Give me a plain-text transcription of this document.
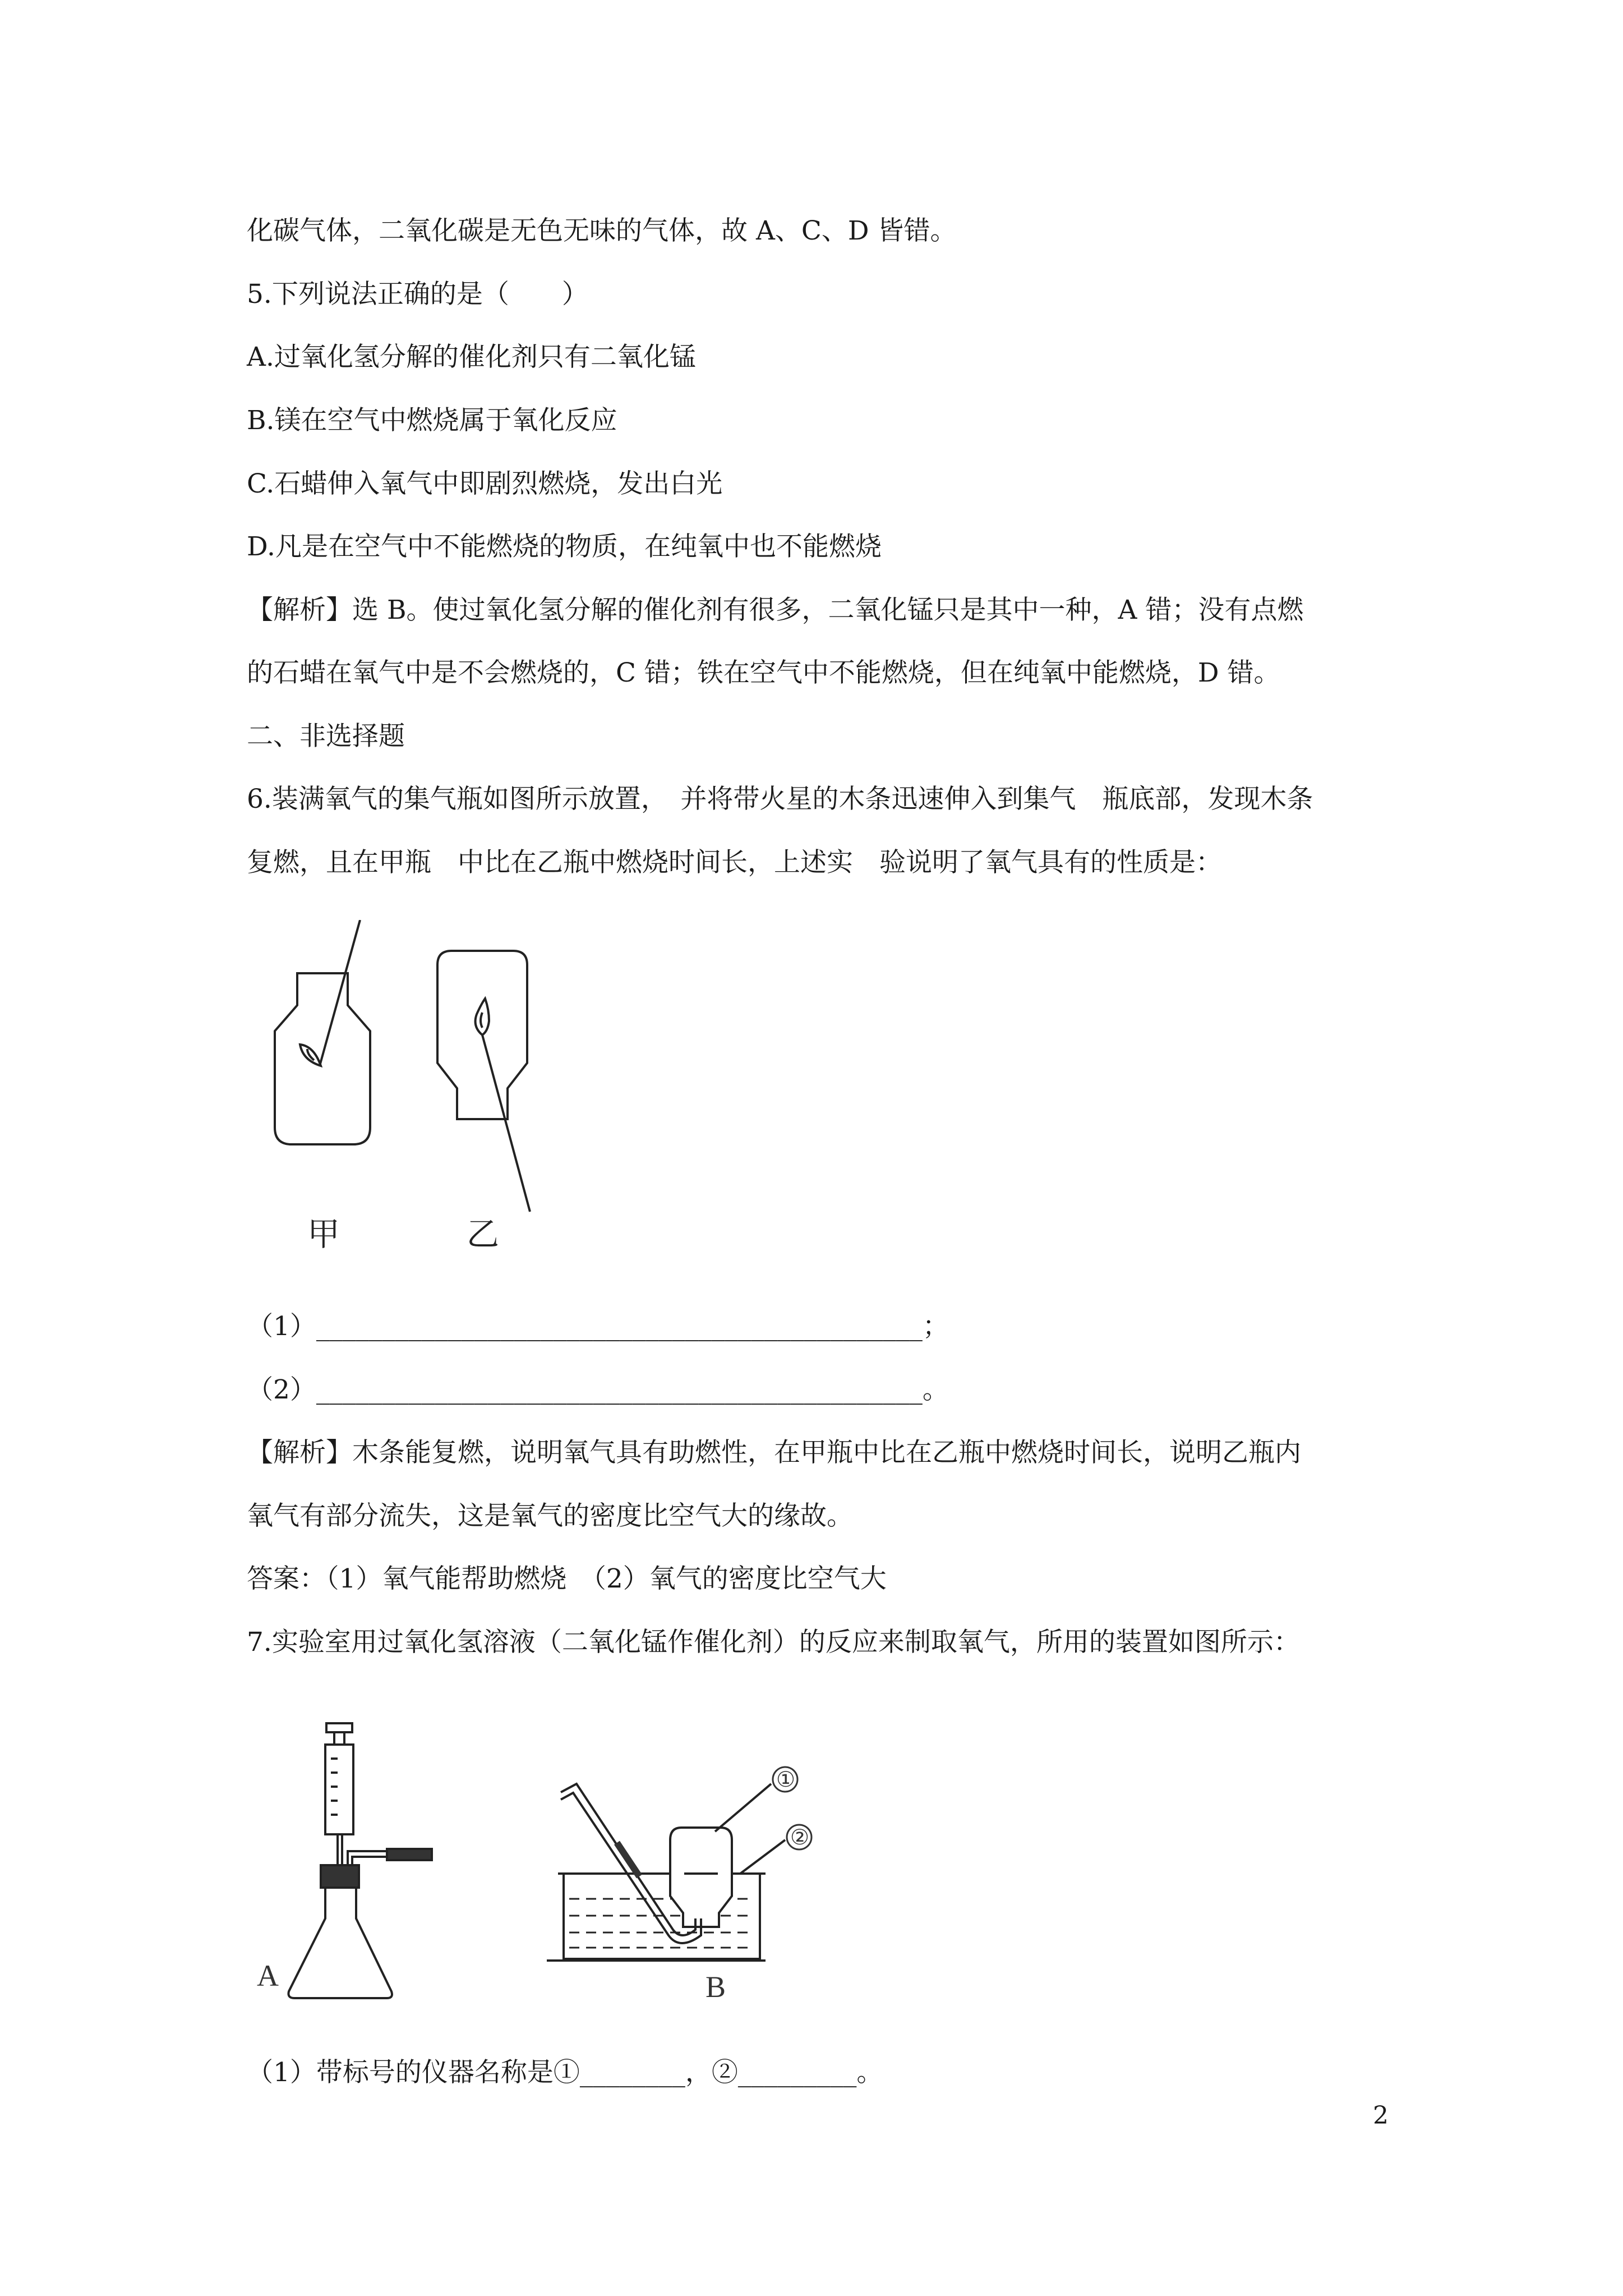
化碳气体，二氧化碳是无色无味的气体，故 A、C、D 皆错。
5.下列说法正确的是（　　）
A.过氧化氢分解的催化剂只有二氧化锰
B.镁在空气中燃烧属于氧化反应
C.石蜡伸入氧气中即剧烈燃烧，发出白光
D.凡是在空气中不能燃烧的物质，在纯氧中也不能燃烧
【解析】选 B。使过氧化氢分解的催化剂有很多，二氧化锰只是其中一种，A 错；没有点燃
的石蜡在氧气中是不会燃烧的，C 错；铁在空气中不能燃烧，但在纯氧中能燃烧，D 错。
二、非选择题
6.装满氧气的集气瓶如图所示放置，　并将带火星的木条迅速伸入到集气　瓶底部，发现木条
复燃，且在甲瓶　中比在乙瓶中燃烧时间长，上述实　验说明了氧气具有的性质是：
甲	乙
（1）______________________________________________；
（2）______________________________________________。
【解析】木条能复燃，说明氧气具有助燃性，在甲瓶中比在乙瓶中燃烧时间长，说明乙瓶内
氧气有部分流失，这是氧气的密度比空气大的缘故。
答案：（1）氧气能帮助燃烧　（2）氧气的密度比空气大
7.实验室用过氧化氢溶液（二氧化锰作催化剂）的反应来制取氧气，所用的装置如图所示：
A
①
②
B
（1）带标号的仪器名称是①________，②_________。
2
